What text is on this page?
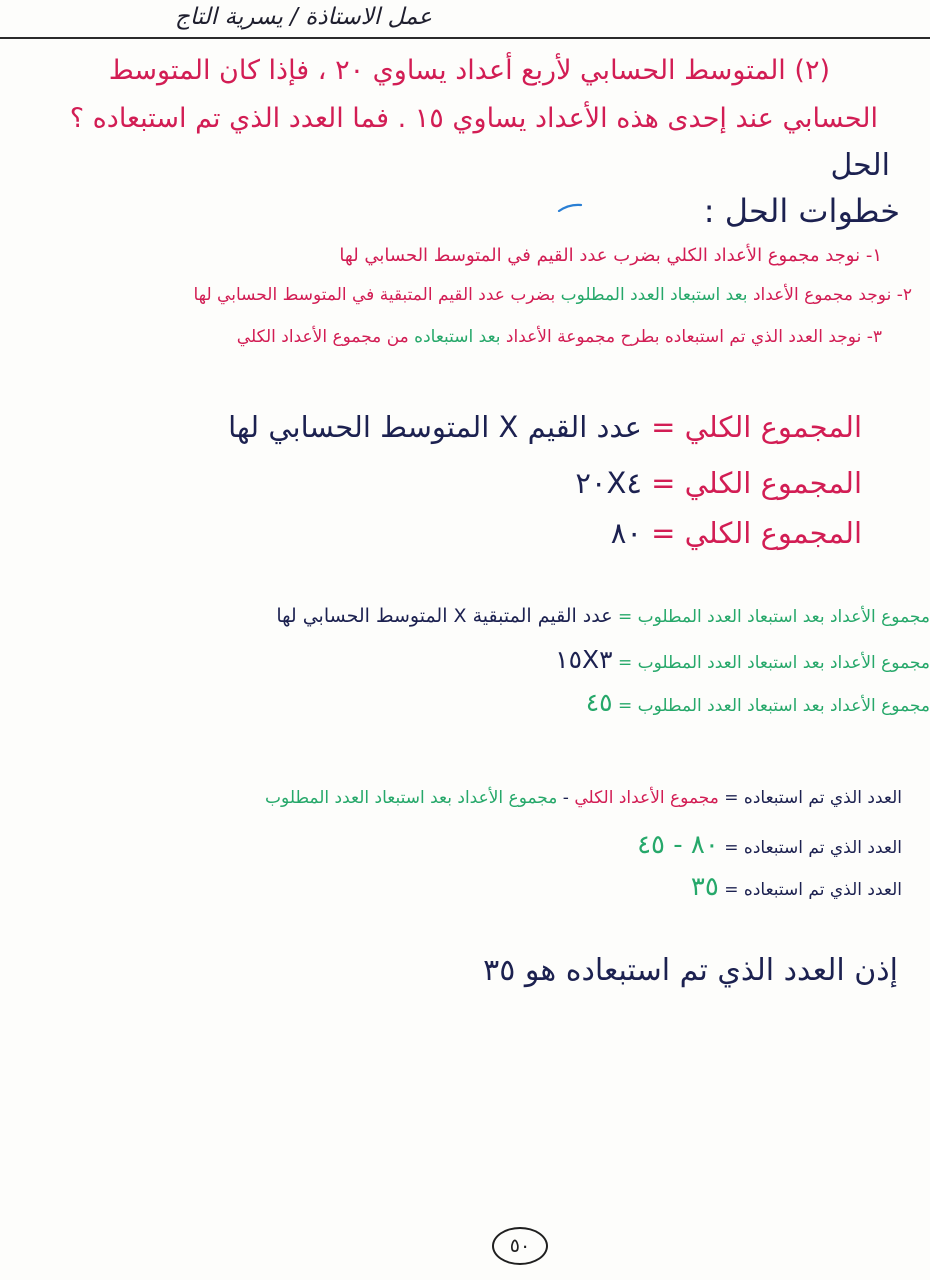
عمل الاستاذة / يسرية التاج
(٢) المتوسط الحسابي لأربع أعداد يساوي ٢٠ ، فإذا كان المتوسط
الحسابي عند إحدى هذه الأعداد يساوي ١٥ . فما العدد الذي تم استبعاده ؟
الحل
خطوات الحل :
١- نوجد مجموع الأعداد الكلي بضرب عدد القيم في المتوسط الحسابي لها
٢- نوجد مجموع الأعداد بعد استبعاد العدد المطلوب بضرب عدد القيم المتبقية في المتوسط الحسابي لها
٣- نوجد العدد الذي تم استبعاده بطرح مجموعة الأعداد بعد استبعاده من مجموع الأعداد الكلي
المجموع الكلي = عدد القيم X المتوسط الحسابي لها
المجموع الكلي = ٢٠X٤
المجموع الكلي = ٨٠
مجموع الأعداد بعد استبعاد العدد المطلوب = عدد القيم المتبقية X المتوسط الحسابي لها
مجموع الأعداد بعد استبعاد العدد المطلوب = ١٥X٣
مجموع الأعداد بعد استبعاد العدد المطلوب = ٤٥
العدد الذي تم استبعاده = مجموع الأعداد الكلي - مجموع الأعداد بعد استبعاد العدد المطلوب
العدد الذي تم استبعاده = ٨٠ - ٤٥
العدد الذي تم استبعاده = ٣٥
إذن العدد الذي تم استبعاده هو ٣٥
٥٠
